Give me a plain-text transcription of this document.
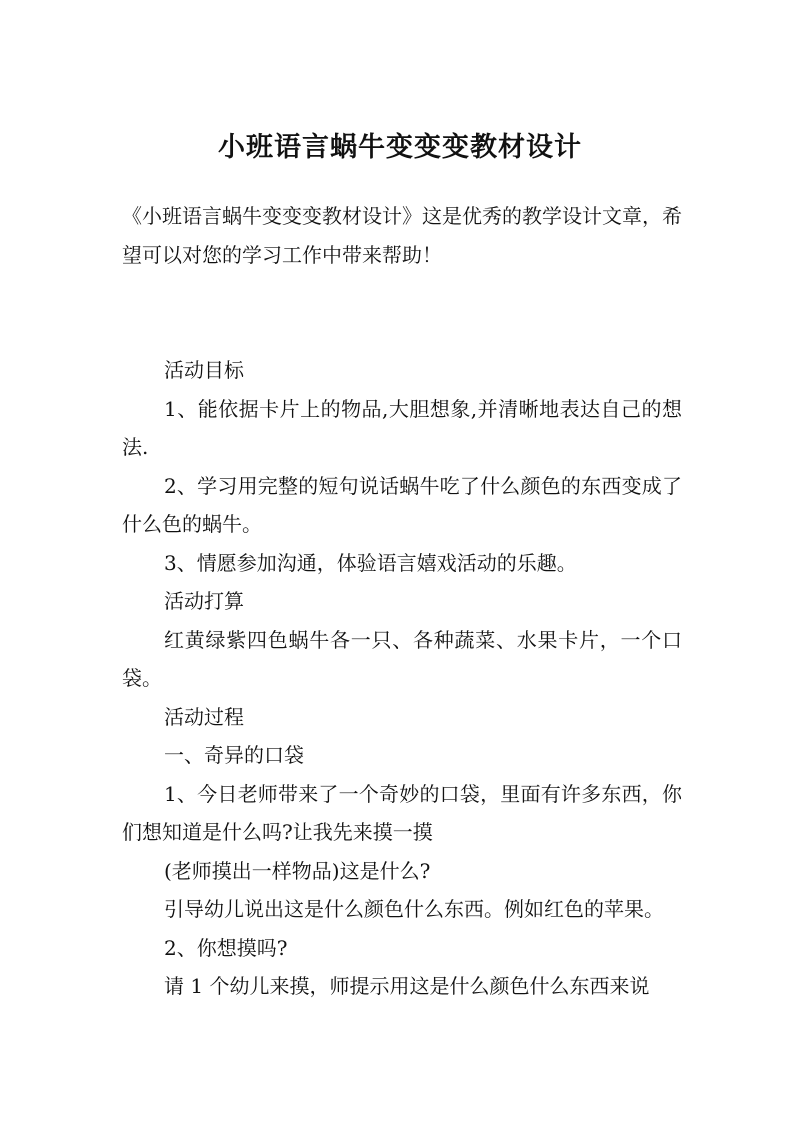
小班语言蜗牛变变变教材设计

《小班语言蜗牛变变变教材设计》这是优秀的教学设计文章，希望可以对您的学习工作中带来帮助！

活动目标

1、能依据卡片上的物品,大胆想象,并清晰地表达自己的想法.

2、学习用完整的短句说话蜗牛吃了什么颜色的东西变成了什么色的蜗牛。

3、情愿参加沟通，体验语言嬉戏活动的乐趣。

活动打算

红黄绿紫四色蜗牛各一只、各种蔬菜、水果卡片，一个口袋。

活动过程

一、奇异的口袋

1、今日老师带来了一个奇妙的口袋，里面有许多东西，你们想知道是什么吗?让我先来摸一摸

(老师摸出一样物品)这是什么?

引导幼儿说出这是什么颜色什么东西。例如红色的苹果。

2、你想摸吗?

请 1 个幼儿来摸，师提示用这是什么颜色什么东西来说
